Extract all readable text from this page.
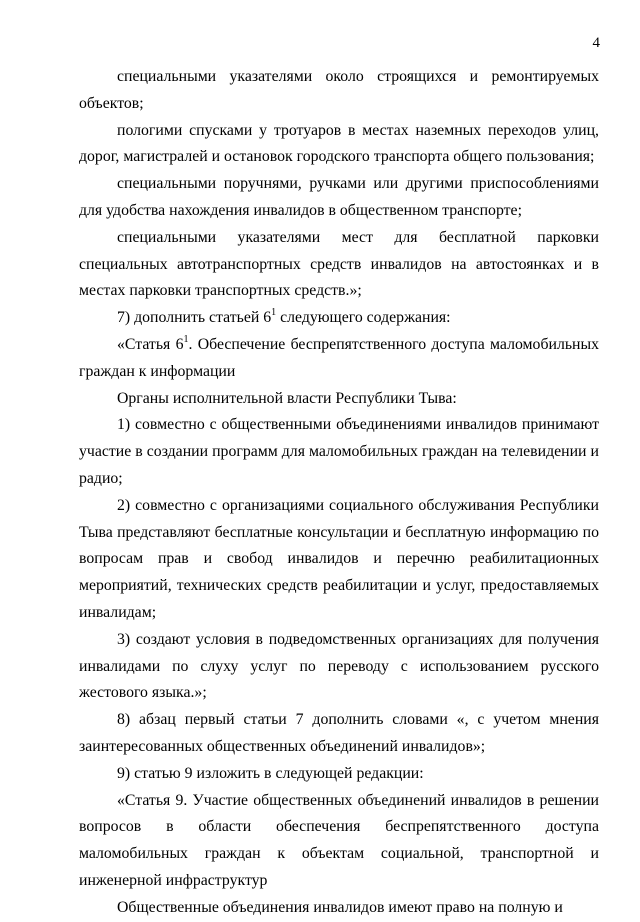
4

специальными указателями около строящихся и ремонтируемых объектов;

пологими спусками у тротуаров в местах наземных переходов улиц, дорог, магистралей и остановок городского транспорта общего пользования;

специальными поручнями, ручками или другими приспособлениями для удобства нахождения инвалидов в общественном транспорте;

специальными указателями мест для бесплатной парковки специальных автотранспортных средств инвалидов на автостоянках и в местах парковки транспортных средств.»;

7) дополнить статьей $6^1$ следующего содержания:

«Статья $6^1$. Обеспечение беспрепятственного доступа маломобильных граждан к информации

Органы исполнительной власти Республики Тыва:

1) совместно с общественными объединениями инвалидов принимают участие в создании программ для маломобильных граждан на телевидении и радио;

2) совместно с организациями социального обслуживания Республики Тыва представляют бесплатные консультации и бесплатную информацию по вопросам прав и свобод инвалидов и перечню реабилитационных мероприятий, технических средств реабилитации и услуг, предоставляемых инвалидам;

3) создают условия в подведомственных организациях для получения инвалидами по слуху услуг по переводу с использованием русского жестового языка.»;

8) абзац первый статьи 7 дополнить словами «, с учетом мнения заинтересованных общественных объединений инвалидов»;

9) статью 9 изложить в следующей редакции:

«Статья 9. Участие общественных объединений инвалидов в решении вопросов в области обеспечения беспрепятственного доступа маломобильных граждан к объектам социальной, транспортной и инженерной инфраструктур

Общественные объединения инвалидов имеют право на полную и
